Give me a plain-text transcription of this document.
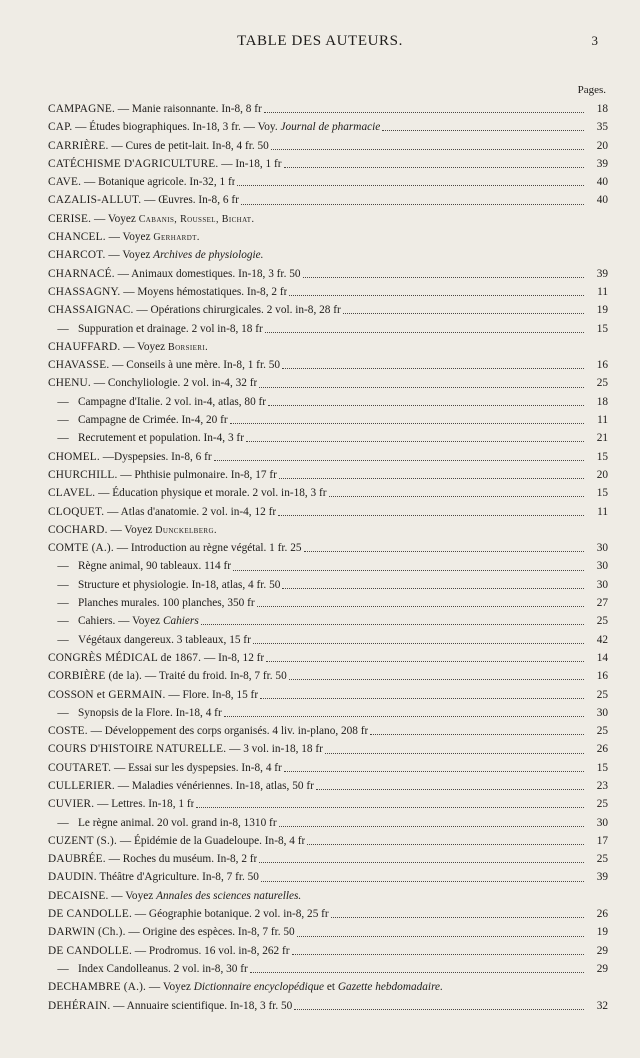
TABLE DES AUTEURS.	3
Pages.
CAMPAGNE. — Manie raisonnante. In-8, 8 fr	18
CAP. — Études biographiques. In-18, 3 fr. — Voy. Journal de pharmacie	35
CARRIÈRE. — Cures de petit-lait. In-8, 4 fr. 50	20
CATÉCHISME D'AGRICULTURE. — In-18, 1 fr	39
CAVE. — Botanique agricole. In-32, 1 fr	40
CAZALIS-ALLUT. — Œuvres. In-8, 6 fr	40
CERISE. — Voyez Cabanis, Roussel, Bichat.
CHANCEL. — Voyez Gerhardt.
CHARCOT. — Voyez Archives de physiologie.
CHARNACÉ. — Animaux domestiques. In-18, 3 fr. 50	39
CHASSAGNY. — Moyens hémostatiques. In-8, 2 fr	11
CHASSAIGNAC. — Opérations chirurgicales. 2 vol. in-8, 28 fr	19
— Suppuration et drainage. 2 vol in-8, 18 fr	15
CHAUFFARD. — Voyez Borsieri.
CHAVASSE. — Conseils à une mère. In-8, 1 fr. 50	16
CHENU. — Conchyliologie. 2 vol. in-4, 32 fr	25
— Campagne d'Italie. 2 vol. in-4, atlas, 80 fr	18
— Campagne de Crimée. In-4, 20 fr	11
— Recrutement et population. In-4, 3 fr	21
CHOMEL. —Dyspepsies. In-8, 6 fr	15
CHURCHILL. — Phthisie pulmonaire. In-8, 17 fr	20
CLAVEL. — Éducation physique et morale. 2 vol. in-18, 3 fr	15
CLOQUET. — Atlas d'anatomie. 2 vol. in-4, 12 fr	11
COCHARD. — Voyez Dunckelberg.
COMTE (A.). — Introduction au règne végétal. 1 fr. 25	30
— Règne animal, 90 tableaux. 114 fr	30
— Structure et physiologie. In-18, atlas, 4 fr. 50	30
— Planches murales. 100 planches, 350 fr	27
— Cahiers. — Voyez Cahiers	25
— Végétaux dangereux. 3 tableaux, 15 fr	42
CONGRÈS MÉDICAL de 1867. — In-8, 12 fr	14
CORBIÈRE (de la). — Traité du froid. In-8, 7 fr. 50	16
COSSON et GERMAIN. — Flore. In-8, 15 fr	25
— Synopsis de la Flore. In-18, 4 fr	30
COSTE. — Développement des corps organisés. 4 liv. in-plano, 208 fr	25
COURS D'HISTOIRE NATURELLE. — 3 vol. in-18, 18 fr	26
COUTARET. — Essai sur les dyspepsies. In-8, 4 fr	15
CULLERIER. — Maladies vénériennes. In-18, atlas, 50 fr	23
CUVIER. — Lettres. In-18, 1 fr	25
— Le règne animal. 20 vol. grand in-8, 1310 fr	30
CUZENT (S.). — Épidémie de la Guadeloupe. In-8, 4 fr	17
DAUBRÉE. — Roches du muséum. In-8, 2 fr	25
DAUDIN. Théâtre d'Agriculture. In-8, 7 fr. 50	39
DECAISNE. — Voyez Annales des sciences naturelles.
DE CANDOLLE. — Géographie botanique. 2 vol. in-8, 25 fr	26
DARWIN (Ch.). — Origine des espèces. In-8, 7 fr. 50	19
DE CANDOLLE. — Prodromus. 16 vol. in-8, 262 fr	29
— Index Candolleanus. 2 vol. in-8, 30 fr	29
DECHAMBRE (A.). — Voyez Dictionnaire encyclopédique et Gazette hebdomadaire.
DEHÉRAIN. — Annuaire scientifique. In-18, 3 fr. 50	32
